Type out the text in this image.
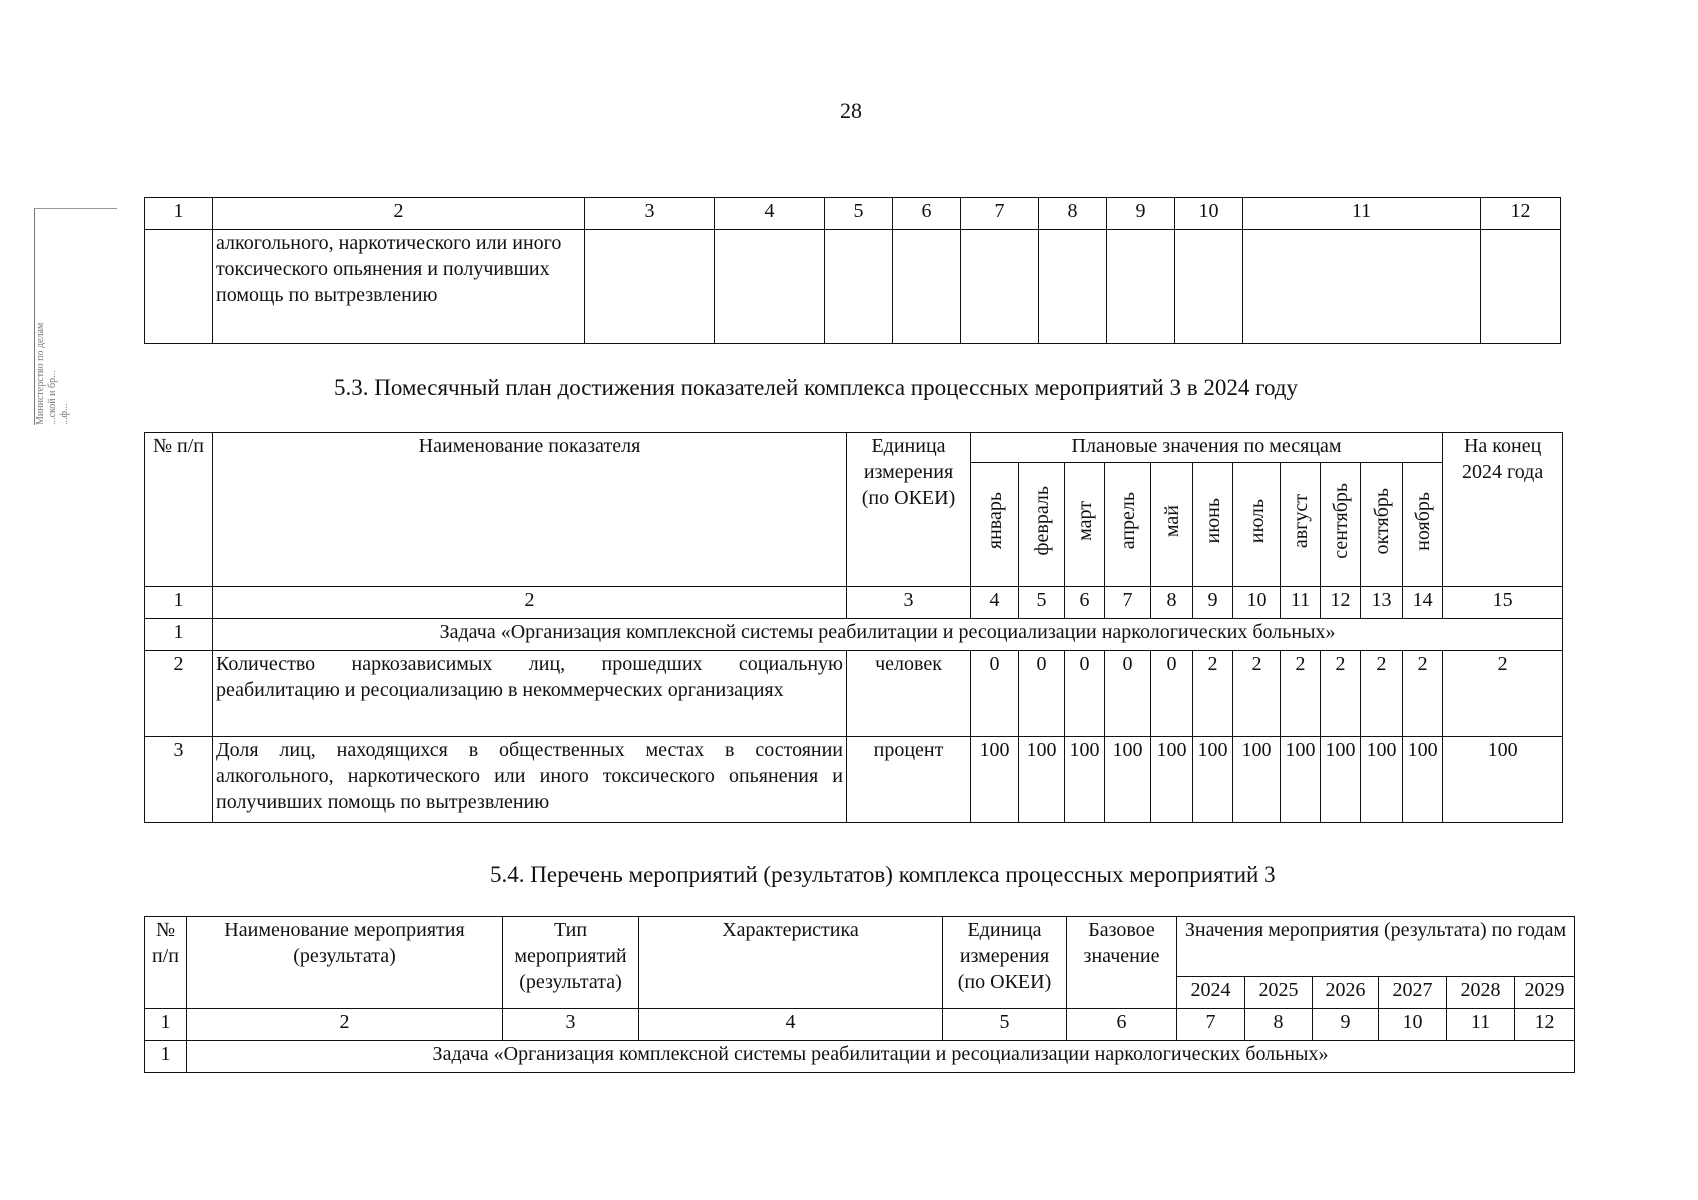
Министерство по делам ...ской и бр... ...ф...
28
1	2	3	4	5	6	7	8	9	10	11	12
	алкогольного, наркотического или иного токсического опьянения и получивших помощь по вытрезвлению										
5.3. Помесячный план достижения показателей комплекса процессных мероприятий 3 в 2024 году
№ п/п	Наименование показателя	Единица измерения (по ОКЕИ)	Плановые значения по месяцам											На конец 2024 года
			январь	февраль	март	апрель	май	июнь	июль	август	сентябрь	октябрь	ноябрь	
1	2	3	4	5	6	7	8	9	10	11	12	13	14	15
1	Задача «Организация комплексной системы реабилитации и ресоциализации наркологических больных»													
2	Количество наркозависимых лиц, прошедших социальную реабилитацию и ресоциализацию в некоммерческих организациях	человек	0	0	0	0	0	2	2	2	2	2	2	2
3	Доля лиц, находящихся в общественных местах в состоянии алкогольного, наркотического или иного токсического опьянения и получивших помощь по вытрезвлению	процент	100	100	100	100	100	100	100	100	100	100	100	100
5.4. Перечень мероприятий (результатов) комплекса процессных мероприятий 3
№ п/п	Наименование мероприятия (результата)	Тип мероприятий (результата)	Характеристика	Единица измерения (по ОКЕИ)	Базовое значение	Значения мероприятия (результата) по годам					
						2024	2025	2026	2027	2028	2029
1	2	3	4	5	6	7	8	9	10	11	12
1	Задача «Организация комплексной системы реабилитации и ресоциализации наркологических больных»										
